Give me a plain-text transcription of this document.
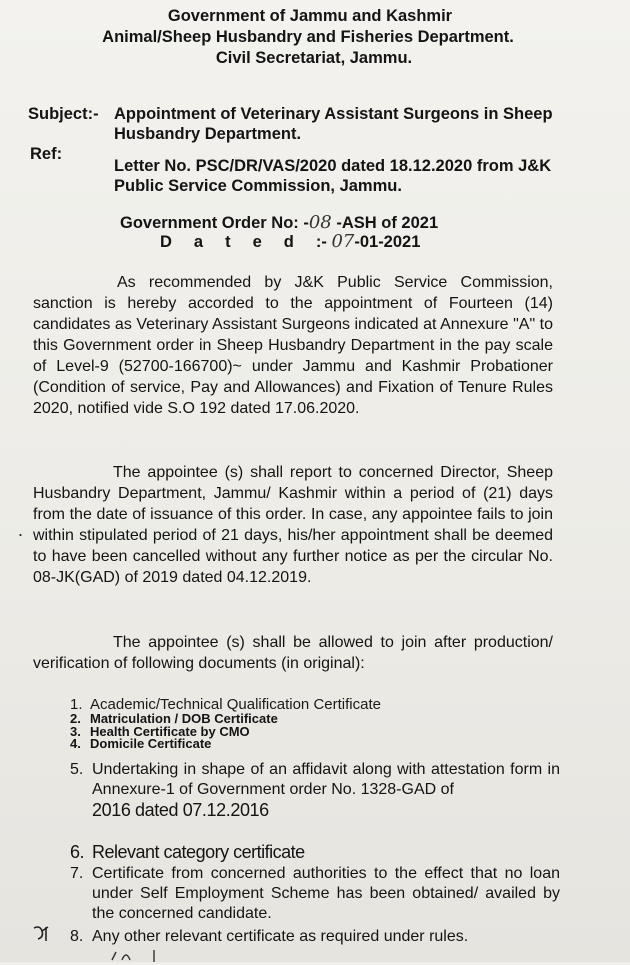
Government of Jammu and Kashmir
Animal/Sheep Husbandry and Fisheries Department.
Civil Secretariat, Jammu.
Subject:- Appointment of Veterinary Assistant Surgeons in Sheep Husbandry Department.
Ref:
Letter No. PSC/DR/VAS/2020 dated 18.12.2020 from J&K Public Service Commission, Jammu.
Government Order No: -08 -ASH of 2021
Dated:- 07-01-2021
As recommended by J&K Public Service Commission, sanction is hereby accorded to the appointment of Fourteen (14) candidates as Veterinary Assistant Surgeons indicated at Annexure "A" to this Government order in Sheep Husbandry Department in the pay scale of Level-9 (52700-166700)~ under Jammu and Kashmir Probationer (Condition of service, Pay and Allowances) and Fixation of Tenure Rules 2020, notified vide S.O 192 dated 17.06.2020.
.
The appointee (s) shall report to concerned Director, Sheep Husbandry Department, Jammu/ Kashmir within a period of (21) days from the date of issuance of this order. In case, any appointee fails to join within stipulated period of 21 days, his/her appointment shall be deemed to have been cancelled without any further notice as per the circular No. 08-JK(GAD) of 2019 dated 04.12.2019.
The appointee (s) shall be allowed to join after production/ verification of following documents (in original):
1. Academic/Technical Qualification Certificate
2. Matriculation / DOB Certificate
3. Health Certificate by CMO
4. Domicile Certificate
5. Undertaking in shape of an affidavit along with attestation form in Annexure-1 of Government order No. 1328-GAD of
2016 dated 07.12.2016
6. Relevant category certificate
7. Certificate from concerned authorities to the effect that no loan under Self Employment Scheme has been obtained/ availed by the concerned candidate.
8. Any other relevant certificate as required under rules.
